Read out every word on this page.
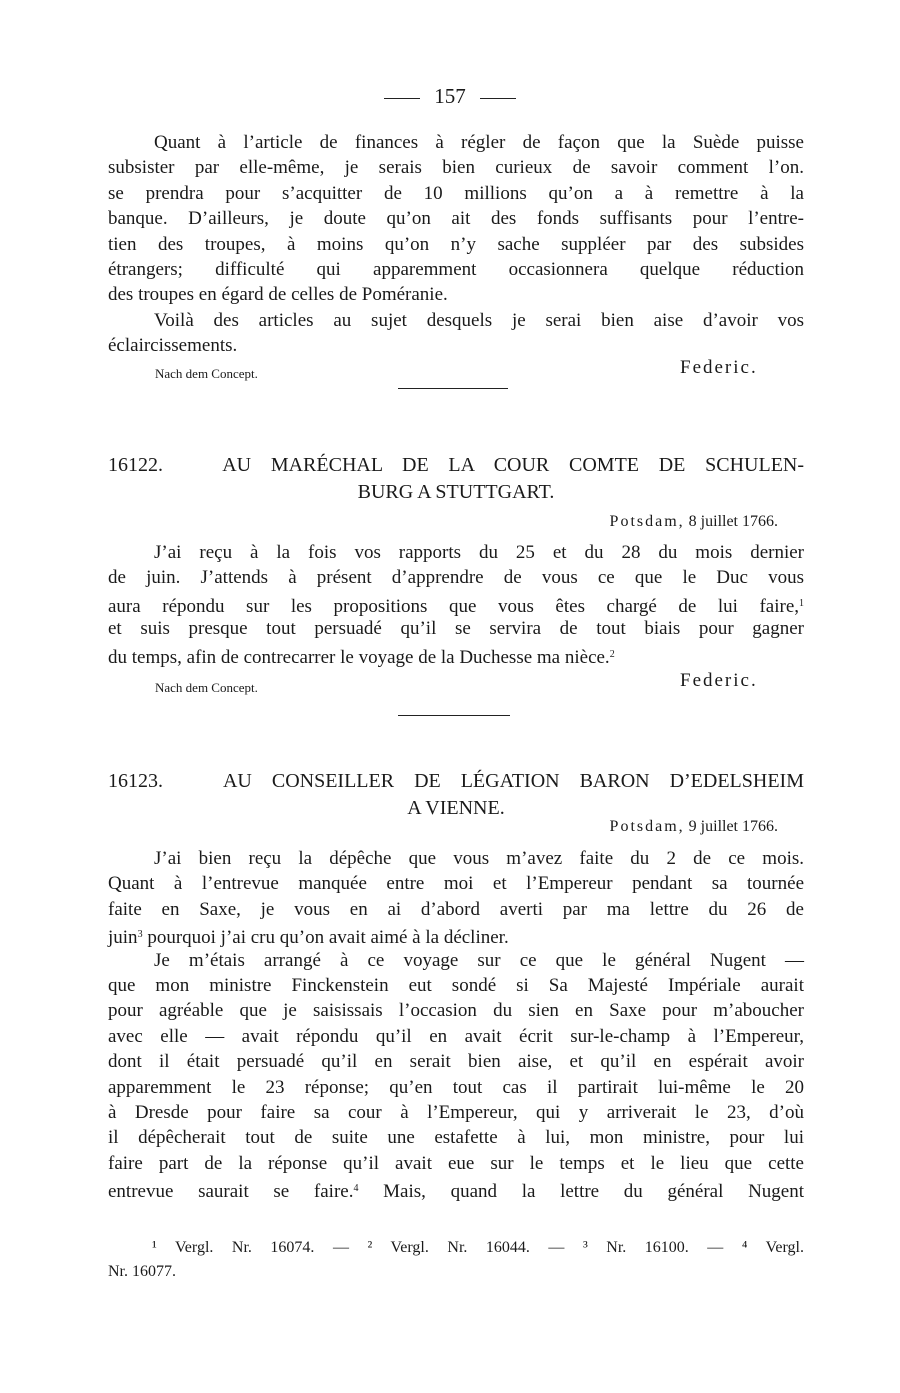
157
Quant à l’article de finances à régler de façon que la Suède puisse
subsister par elle-même, je serais bien curieux de savoir comment l’on.
se prendra pour s’acquitter de 10 millions qu’on a à remettre à la
banque. D’ailleurs, je doute qu’on ait des fonds suffisants pour l’entre-
tien des troupes, à moins qu’on n’y sache suppléer par des subsides
étrangers; difficulté qui apparemment occasionnera quelque réduction
des troupes en égard de celles de Poméranie.
Voilà des articles au sujet desquels je serai bien aise d’avoir vos
éclaircissements.
Nach dem Concept.	Federic.
16122.	AU MARÉCHAL DE LA COUR COMTE DE SCHULEN-
BURG A STUTTGART.
Potsdam, 8 juillet 1766.
J’ai reçu à la fois vos rapports du 25 et du 28 du mois dernier
de juin. J’attends à présent d’apprendre de vous ce que le Duc vous
aura répondu sur les propositions que vous êtes chargé de lui faire,$^1$
et suis presque tout persuadé qu’il se servira de tout biais pour gagner
du temps, afin de contrecarrer le voyage de la Duchesse ma nièce.$^2$
Nach dem Concept.	Federic.
16123.	AU CONSEILLER DE LÉGATION BARON D’EDELSHEIM
A VIENNE.
Potsdam, 9 juillet 1766.
J’ai bien reçu la dépêche que vous m’avez faite du 2 de ce mois.
Quant à l’entrevue manquée entre moi et l’Empereur pendant sa tournée
faite en Saxe, je vous en ai d’abord averti par ma lettre du 26 de
juin$^3$ pourquoi j’ai cru qu’on avait aimé à la décliner.
Je m’étais arrangé à ce voyage sur ce que le général Nugent —
que mon ministre Finckenstein eut sondé si Sa Majesté Impériale aurait
pour agréable que je saisissais l’occasion du sien en Saxe pour m’aboucher
avec elle — avait répondu qu’il en avait écrit sur-le-champ à l’Empereur,
dont il était persuadé qu’il en serait bien aise, et qu’il en espérait avoir
apparemment le 23 réponse; qu’en tout cas il partirait lui-même le 20
à Dresde pour faire sa cour à l’Empereur, qui y arriverait le 23, d’où
il dépêcherait tout de suite une estafette à lui, mon ministre, pour lui
faire part de la réponse qu’il avait eue sur le temps et le lieu que cette
entrevue saurait se faire.$^4$ Mais, quand la lettre du général Nugent
¹ Vergl. Nr. 16074. — ² Vergl. Nr. 16044. — ³ Nr. 16100. — ⁴ Vergl.
Nr. 16077.
